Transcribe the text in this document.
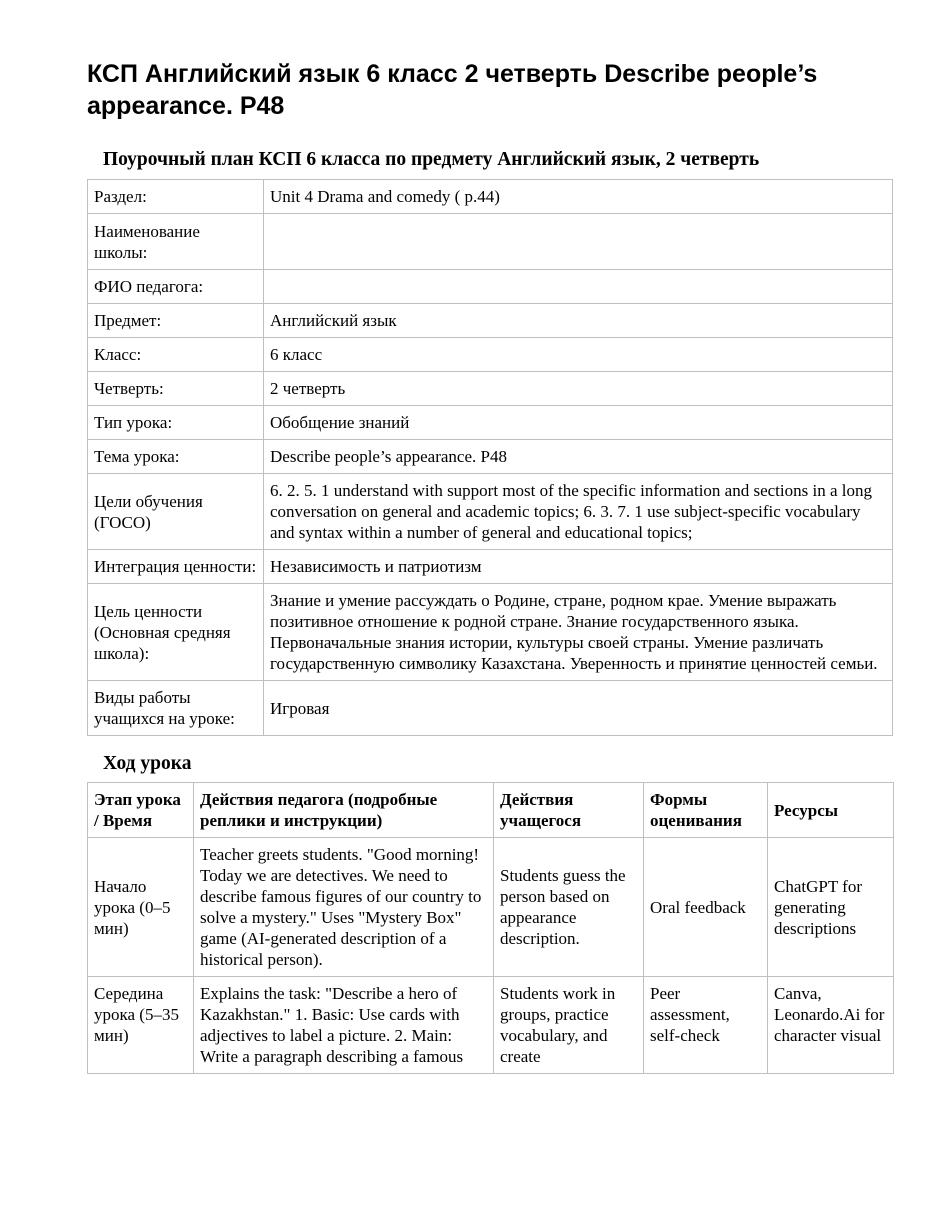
КСП Английский язык 6 класс 2 четверть Describe people’s appearance. P48
Поурочный план КСП 6 класса по предмету Английский язык, 2 четверть
Раздел:	Unit 4 Drama and comedy ( p.44)
Наименование школы:	
ФИО педагога:	
Предмет:	Английский язык
Класс:	6 класс
Четверть:	2 четверть
Тип урока:	Обобщение знаний
Тема урока:	Describe people’s appearance. P48
Цели обучения (ГОСО)	6. 2. 5. 1 understand with support most of the specific information and sections in a long conversation on general and academic topics; 6. 3. 7. 1 use subject-specific vocabulary and syntax within a number of general and educational topics;
Интеграция ценности:	Независимость и патриотизм
Цель ценности (Основная средняя школа):	Знание и умение рассуждать о Родине, стране, родном крае. Умение выражать позитивное отношение к родной стране. Знание государственного языка. Первоначальные знания истории, культуры своей страны. Умение различать государственную символику Казахстана. Уверенность и принятие ценностей семьи.
Виды работы учащихся на уроке:	Игровая
Ход урока
Этап урока / Время	Действия педагога (подробные реплики и инструкции)	Действия учащегося	Формы оценивания	Ресурсы
Начало урока (0–5 мин)	Teacher greets students. "Good morning! Today we are detectives. We need to describe famous figures of our country to solve a mystery." Uses "Mystery Box" game (AI-generated description of a historical person).	Students guess the person based on appearance description.	Oral feedback	ChatGPT for generating descriptions
Середина урока (5–35 мин)	Explains the task: "Describe a hero of Kazakhstan." 1. Basic: Use cards with adjectives to label a picture. 2. Main: Write a paragraph describing a famous	Students work in groups, practice vocabulary, and create	Peer assessment, self-check	Canva, Leonardo.Ai for character visual
